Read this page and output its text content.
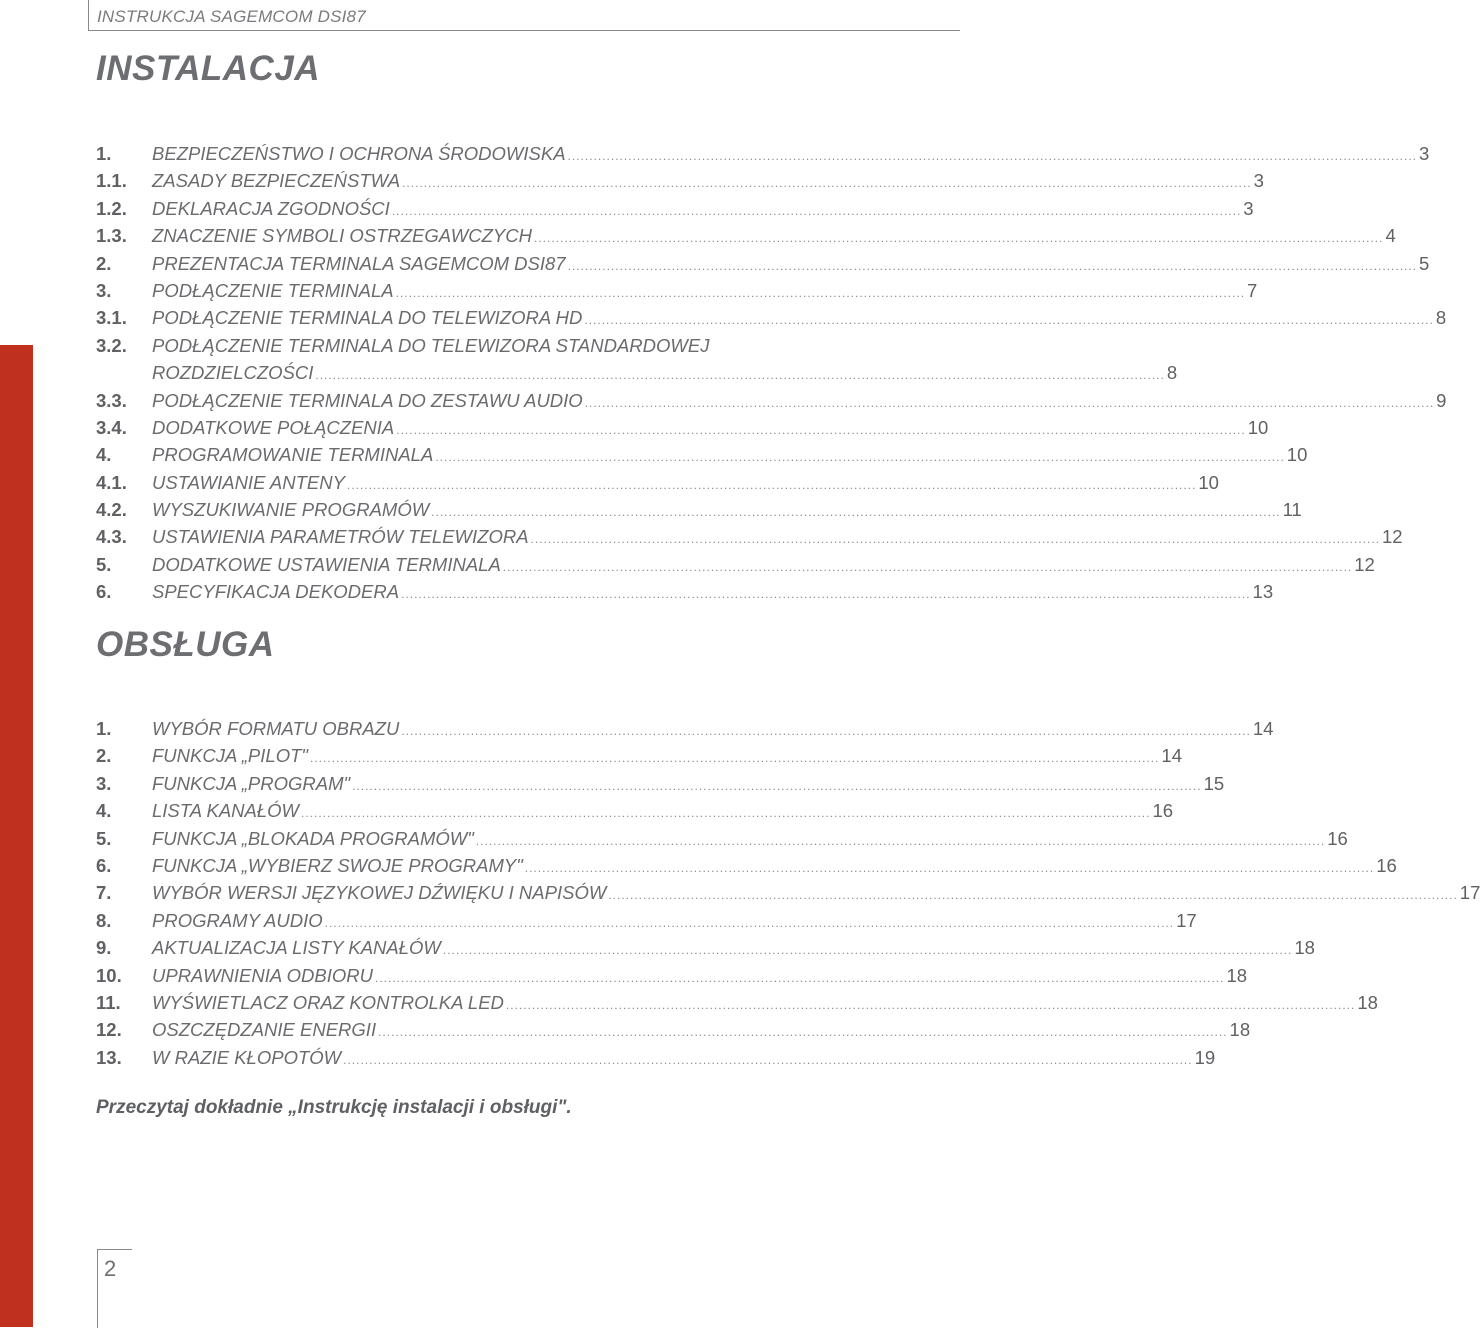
INSTRUKCJA SAGEMCOM DSI87
INSTALACJA
1.	BEZPIECZEŃSTWO I OCHRONA ŚRODOWISKA .....	3
1.1.	ZASADY BEZPIECZEŃSTWA .....	3
1.2.	DEKLARACJA ZGODNOŚCI .....	3
1.3.	ZNACZENIE SYMBOLI OSTRZEGAWCZYCH .....	4
2.	PREZENTACJA TERMINALA SAGEMCOM DSI87 .....	5
3.	PODŁĄCZENIE TERMINALA .....	7
3.1.	PODŁĄCZENIE TERMINALA DO TELEWIZORA HD .....	8
3.2.	PODŁĄCZENIE TERMINALA DO TELEWIZORA STANDARDOWEJ
ROZDZIELCZOŚCI .....	8
3.3.	PODŁĄCZENIE TERMINALA DO ZESTAWU AUDIO .....	9
3.4.	DODATKOWE POŁĄCZENIA .....	10
4.	PROGRAMOWANIE TERMINALA .....	10
4.1.	USTAWIANIE ANTENY .....	10
4.2.	WYSZUKIWANIE PROGRAMÓW .....	11
4.3.	USTAWIENIA PARAMETRÓW TELEWIZORA .....	12
5.	DODATKOWE USTAWIENIA TERMINALA .....	12
6.	SPECYFIKACJA DEKODERA .....	13
OBSŁUGA
1.	WYBÓR FORMATU OBRAZU .....	14
2.	FUNKCJA „PILOT" .....	14
3.	FUNKCJA „PROGRAM" .....	15
4.	LISTA KANAŁÓW .....	16
5.	FUNKCJA „BLOKADA PROGRAMÓW" .....	16
6.	FUNKCJA „WYBIERZ SWOJE PROGRAMY" .....	16
7.	WYBÓR WERSJI JĘZYKOWEJ DŹWIĘKU I NAPISÓW .....	17
8.	PROGRAMY AUDIO .....	17
9.	AKTUALIZACJA LISTY KANAŁÓW .....	18
10.	UPRAWNIENIA ODBIORU .....	18
11.	WYŚWIETLACZ ORAZ KONTROLKA LED .....	18
12.	OSZCZĘDZANIE ENERGII .....	18
13.	W RAZIE KŁOPOTÓW .....	19
Przeczytaj dokładnie „Instrukcję instalacji i obsługi".
2
